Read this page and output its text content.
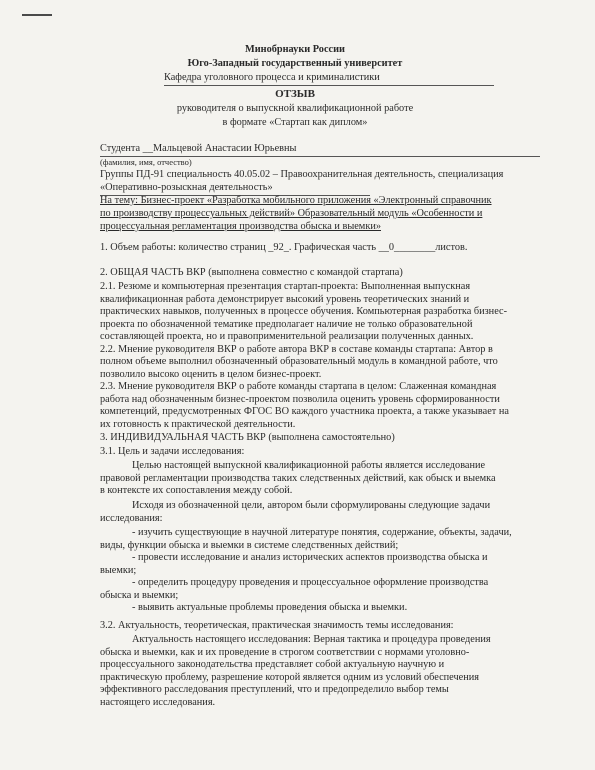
Минобрнауки России
Юго-Западный государственный университет
Кафедра уголовного процесса и криминалистики
ОТЗЫВ
руководителя о выпускной квалификационной работе
в формате «Стартап как диплом»
Студента __Мальцевой Анастасии Юрьевны
(фамилия, имя, отчество)
Группы ПД-91 специальность 40.05.02 – Правоохранительная деятельность, специализация
«Оперативно-розыскная деятельность»
На тему: Бизнес-проект «Разработка мобильного приложения «Электронный справочник
по производству процессуальных действий» Образовательный модуль «Особенности и
процессуальная регламентация производства обыска и выемки»
1. Объем работы: количество страниц _92_. Графическая часть __0________листов.
2. ОБЩАЯ ЧАСТЬ ВКР (выполнена совместно с командой стартапа)
2.1. Резюме и компьютерная презентация стартап-проекта: Выполненная выпускная
квалификационная работа демонстрирует высокий уровень теоретических знаний и
практических навыков, полученных в процессе обучения. Компьютерная разработка бизнес-
проекта по обозначенной тематике предполагает наличие не только образовательной
составляющей проекта, но и правоприменительной реализации полученных данных.
2.2. Мнение руководителя ВКР о работе автора ВКР в составе команды стартапа: Автор в
полном объеме выполнил обозначенный образовательный модуль в командной работе, что
позволило высоко оценить в целом бизнес-проект.
2.3. Мнение руководителя ВКР о работе команды стартапа в целом: Слаженная командная
работа над обозначенным бизнес-проектом позволила оценить уровень сформированности
компетенций, предусмотренных ФГОС ВО каждого участника проекта, а также указывает на
их готовность к практической деятельности.
3. ИНДИВИДУАЛЬНАЯ ЧАСТЬ ВКР (выполнена самостоятельно)
3.1. Цель и задачи исследования:
Целью настоящей выпускной квалификационной работы является исследование
правовой регламентации производства таких следственных действий, как обыск и выемка
в контексте их сопоставления между собой.
Исходя из обозначенной цели, автором были сформулированы следующие задачи
исследования:
- изучить существующие в научной литературе понятия, содержание, объекты, задачи,
виды, функции обыска и выемки в системе следственных действий;
- провести исследование и анализ исторических аспектов производства обыска и
выемки;
- определить процедуру проведения и процессуальное оформление производства
обыска и выемки;
- выявить актуальные проблемы проведения обыска и выемки.
3.2. Актуальность, теоретическая, практическая значимость темы исследования:
Актуальность настоящего исследования: Верная тактика и процедура проведения
обыска и выемки, как и их проведение в строгом соответствии с нормами уголовно-
процессуального законодательства представляет собой актуальную научную и
практическую проблему, разрешение которой является одним из условий обеспечения
эффективного расследования преступлений, что и предопределило выбор темы
настоящего исследования.
